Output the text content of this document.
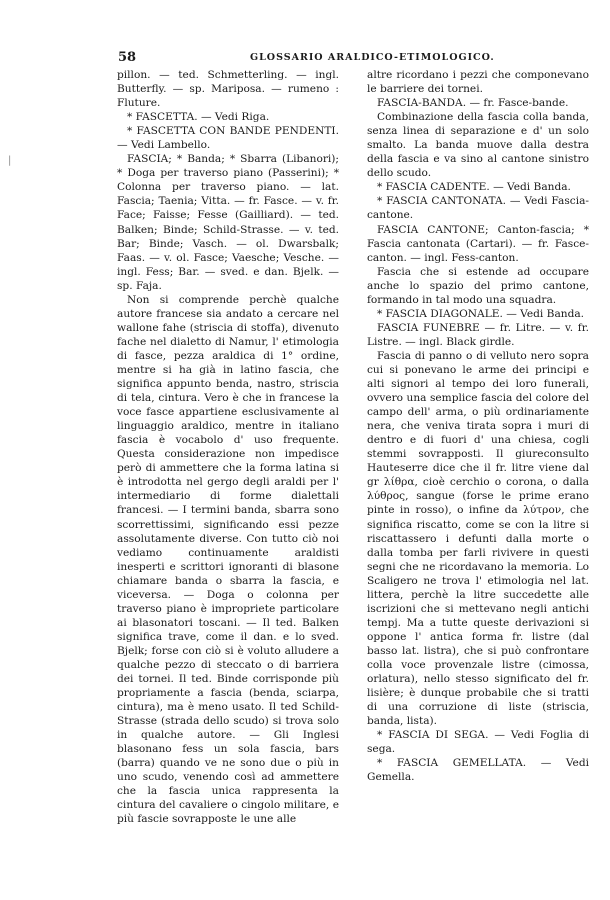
58	GLOSSARIO ARALDICO-ETIMOLOGICO.
|

pillon. — ted. Schmetterling. — ingl. Butterfly. — sp. Mariposa. — rumeno : Fluture.

* FASCETTA. — Vedi Riga.

* FASCETTA CON BANDE PENDENTI. — Vedi Lambello.

FASCIA; * Banda; * Sbarra (Libanori); * Doga per traverso piano (Passerini); * Colonna per traverso piano. — lat. Fascia; Taenia; Vitta. — fr. Fasce. — v. fr. Face; Faisse; Fesse (Gailliard). — ted. Balken; Binde; Schild-Strasse. — v. ted. Bar; Binde; Vasch. — ol. Dwarsbalk; Faas. — v. ol. Fasce; Vaesche; Vesche. — ingl. Fess; Bar. — sved. e dan. Bjelk. — sp. Faja.

Non si comprende perchè qualche autore francese sia andato a cercare nel wallone fahe (striscia di stoffa), divenuto fache nel dialetto di Namur, l' etimologia di fasce, pezza araldica di 1° ordine, mentre si ha già in latino fascia, che significa appunto benda, nastro, striscia di tela, cintura. Vero è che in francese la voce fasce appartiene esclusivamente al linguaggio araldico, mentre in italiano fascia è vocabolo d' uso frequente. Questa considerazione non impedisce però di ammettere che la forma latina si è introdotta nel gergo degli araldi per l' intermediario di forme dialettali francesi. — I termini banda, sbarra sono scorrettissimi, significando essi pezze assolutamente diverse. Con tutto ciò noi vediamo continuamente araldisti inesperti e scrittori ignoranti di blasone chiamare banda o sbarra la fascia, e viceversa. — Doga o colonna per traverso piano è impropriete particolare ai blasonatori toscani. — Il ted. Balken significa trave, come il dan. e lo sved. Bjelk; forse con ciò si è voluto alludere a qualche pezzo di steccato o di barriera dei tornei. Il ted. Binde corrisponde più propriamente a fascia (benda, sciarpa, cintura), ma è meno usato. Il ted Schild-Strasse (strada dello scudo) si trova solo in qualche autore. — Gli Inglesi blasonano fess un sola fascia, bars (barra) quando ve ne sono due o più in uno scudo, venendo così ad ammettere che la fascia unica rappresenta la cintura del cavaliere o cingolo militare, e più fascie sovrapposte le une alle

altre ricordano i pezzi che componevano le barriere dei tornei.

FASCIA-BANDA. — fr. Fasce-bande.

Combinazione della fascia colla banda, senza linea di separazione e d' un solo smalto. La banda muove dalla destra della fascia e va sino al cantone sinistro dello scudo.

* FASCIA CADENTE. — Vedi Banda.

* FASCIA CANTONATA. — Vedi Fascia-cantone.

FASCIA CANTONE; Canton-fascia; * Fascia cantonata (Cartari). — fr. Fasce-canton. — ingl. Fess-canton.

Fascia che si estende ad occupare anche lo spazio del primo cantone, formando in tal modo una squadra.

* FASCIA DIAGONALE. — Vedi Banda.

FASCIA FUNEBRE — fr. Litre. — v. fr. Listre. — ingl. Black girdle.

Fascia di panno o di velluto nero sopra cui si ponevano le arme dei principi e alti signori al tempo dei loro funerali, ovvero una semplice fascia del colore del campo dell' arma, o più ordinariamente nera, che veniva tirata sopra i muri di dentro e di fuori d' una chiesa, cogli stemmi sovrapposti. Il giureconsulto Hauteserre dice che il fr. litre viene dal gr λίθρα, cioè cerchio o corona, o dalla λύθρος, sangue (forse le prime erano pinte in rosso), o infine da λύτρον, che significa riscatto, come se con la litre si riscattassero i defunti dalla morte o dalla tomba per farli rivivere in questi segni che ne ricordavano la memoria. Lo Scaligero ne trova l' etimologia nel lat. littera, perchè la litre succedette alle iscrizioni che si mettevano negli antichi tempj. Ma a tutte queste derivazioni si oppone l' antica forma fr. listre (dal basso lat. listra), che si può confrontare colla voce provenzale listre (cimossa, orlatura), nello stesso significato del fr. lisière; è dunque probabile che si tratti di una corruzione di liste (striscia, banda, lista).

* FASCIA DI SEGA. — Vedi Foglia di sega.

* FASCIA GEMELLATA. — Vedi Gemella.
